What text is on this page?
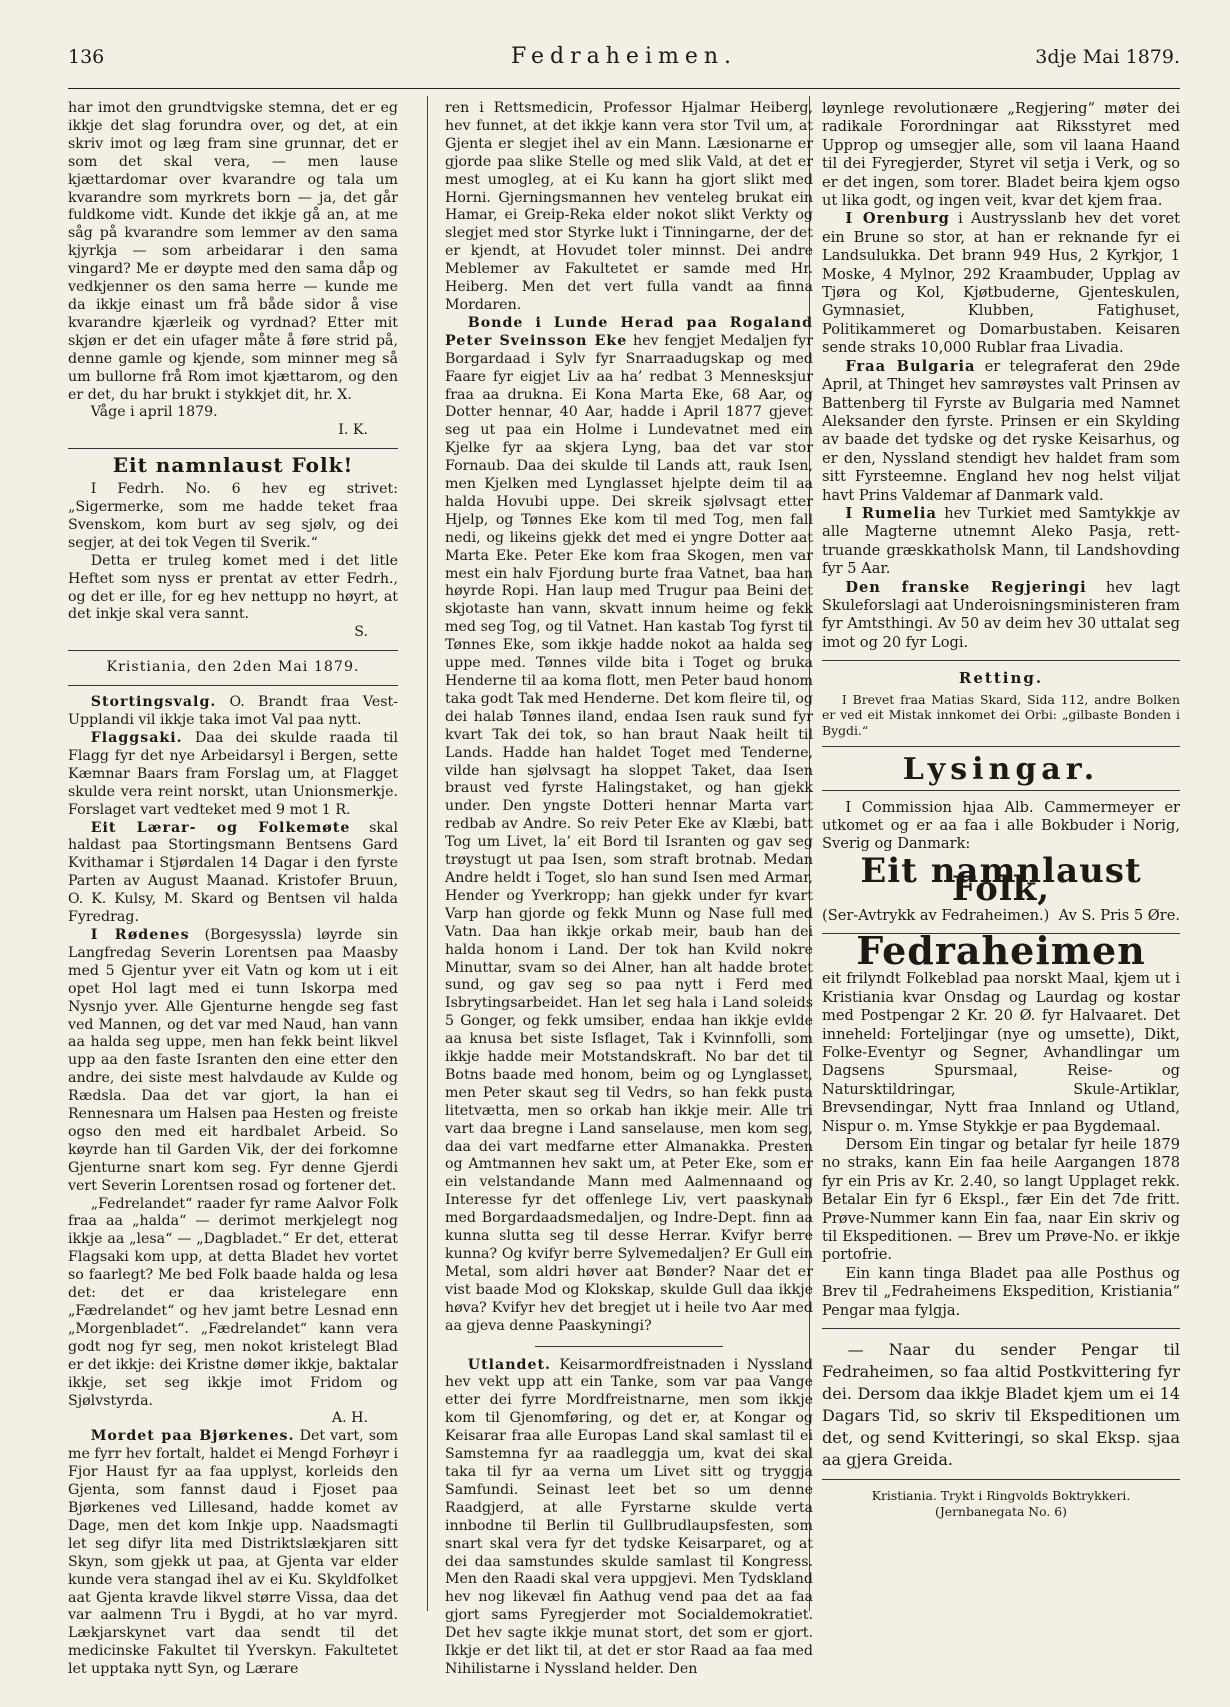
136	Fedraheimen.	3dje Mai 1879.

har imot den grundtvigske stemna, det er eg ikkje det slag forundra over, og det, at ein skriv imot og læg fram sine grunnar, det er som det skal vera, — men lause kjættardomar over kvarandre og tala um kvarandre som myrkrets born — ja, det går fuldkome vidt. Kunde det ikkje gå an, at me såg på kvarandre som lemmer av den sama kjyrkja — som arbeidarar i den sama vingard? Me er døypte med den sama dåp og vedkjenner os den sama herre — kunde me da ikkje einast um frå både sidor å vise kvarandre kjærleik og vyrdnad? Etter mit skjøn er det ein ufager måte å føre strid på, denne gamle og kjende, som minner meg så um bullorne frå Rom imot kjættarom, og den er det, du har brukt i stykkjet dit, hr. X.

Våge i april 1879.

I. K.
Eit namnlaust Folk!

I Fedrh. No. 6 hev eg strivet: „Sigermerke, som me hadde teket fraa Svenskom, kom burt av seg sjølv, og dei segjer, at dei tok Vegen til Sverik.“

Detta er truleg komet med i det litle Heftet som nyss er prentat av etter Fedrh., og det er ille, for eg hev nettupp no høyrt, at det inkje skal vera sannt.

S.
Kristiania, den 2den Mai 1879.

Stortingsvalg. O. Brandt fraa Vest-Upplandi vil ikkje taka imot Val paa nytt.

Flaggsaki. Daa dei skulde raada til Flagg fyr det nye Arbeidarsyl i Bergen, sette Kæmnar Baars fram Forslag um, at Flagget skulde vera reint norskt, utan Unionsmerkje. Forslaget vart vedteket med 9 mot 1 R.

Eit Lærar- og Folkemøte skal haldast paa Stortingsmann Bentsens Gard Kvithamar i Stjørdalen 14 Dagar i den fyrste Parten av August Maanad. Kristofer Bruun, O. K. Kulsy, M. Skard og Bentsen vil halda Fyredrag.

I Rødenes (Borgesyssla) løyrde sin Langfredag Severin Lorentsen paa Maasby med 5 Gjentur yver eit Vatn og kom ut i eit opet Hol lagt med ei tunn Iskorpa med Nysnjo yver. Alle Gjenturne hengde seg fast ved Mannen, og det var med Naud, han vann aa halda seg uppe, men han fekk beint likvel upp aa den faste Isranten den eine etter den andre, dei siste mest halvdaude av Kulde og Rædsla. Daa det var gjort, la han ei Rennesnara um Halsen paa Hesten og freiste ogso den med eit hardbalet Arbeid. So køyrde han til Garden Vik, der dei forkomne Gjenturne snart kom seg. Fyr denne Gjerdi vert Severin Lorentsen rosad og fortener det.

„Fedrelandet“ raader fyr rame Aalvor Folk fraa aa „halda“ — derimot merkjelegt nog ikkje aa „lesa“ — „Dagbladet.“ Er det, etterat Flagsaki kom upp, at detta Bladet hev vortet so faarlegt? Me bed Folk baade halda og lesa det: det er daa kristelegare enn „Fædrelandet“ og hev jamt betre Lesnad enn „Morgenbladet“. „Fædrelandet“ kann vera godt nog fyr seg, men nokot kristelegt Blad er det ikkje: dei Kristne dømer ikkje, baktalar ikkje, set seg ikkje imot Fridom og Sjølvstyrda.

A. H.

Mordet paa Bjørkenes. Det vart, som me fyrr hev fortalt, haldet ei Mengd Forhøyr i Fjor Haust fyr aa faa upplyst, korleids den Gjenta, som fannst daud i Fjoset paa Bjørkenes ved Lillesand, hadde komet av Dage, men det kom Inkje upp. Naadsmagti let seg difyr lita med Distriktslækjaren sitt Skyn, som gjekk ut paa, at Gjenta var elder kunde vera stangad ihel av ei Ku. Skyldfolket aat Gjenta kravde likvel større Vissa, daa det var aalmenn Tru i Bygdi, at ho var myrd. Lækjarskynet vart daa sendt til det medicinske Fakultet til Yverskyn. Fakultetet let upptaka nytt Syn, og Lærare

ren i Rettsmedicin, Professor Hjalmar Heiberg, hev funnet, at det ikkje kann vera stor Tvil um, at Gjenta er slegjet ihel av ein Mann. Læsionarne er gjorde paa slike Stelle og med slik Vald, at det er mest umogleg, at ei Ku kann ha gjort slikt med Horni. Gjerningsmannen hev venteleg brukat ein Hamar, ei Greip-Reka elder nokot slikt Verkty og slegjet med stor Styrke lukt i Tinningarne, der det er kjendt, at Hovudet toler minnst. Dei andre Meblemer av Fakultetet er samde med Hr. Heiberg. Men det vert fulla vandt aa finna Mordaren.

Bonde i Lunde Herad paa Rogaland Peter Sveinsson Eke hev fengjet Medaljen fyr Borgardaad i Sylv fyr Snarraadugskap og med Faare fyr eigjet Liv aa ha’ redbat 3 Mennesksjur fraa aa drukna. Ei Kona Marta Eke, 68 Aar, og Dotter hennar, 40 Aar, hadde i April 1877 gjevet seg ut paa ein Holme i Lundevatnet med ein Kjelke fyr aa skjera Lyng, baa det var stor Fornaub. Daa dei skulde til Lands att, rauk Isen, men Kjelken med Lynglasset hjelpte deim til aa halda Hovubi uppe. Dei skreik sjølvsagt etter Hjelp, og Tønnes Eke kom til med Tog, men fall nedi, og likeins gjekk det med ei yngre Dotter aat Marta Eke. Peter Eke kom fraa Skogen, men var mest ein halv Fjordung burte fraa Vatnet, baa han høyrde Ropi. Han laup med Trugur paa Beini det skjotaste han vann, skvatt innum heime og fekk med seg Tog, og til Vatnet. Han kastab Tog fyrst til Tønnes Eke, som ikkje hadde nokot aa halda seg uppe med. Tønnes vilde bita i Toget og bruka Henderne til aa koma flott, men Peter baud honom taka godt Tak med Henderne. Det kom fleire til, og dei halab Tønnes iland, endaa Isen rauk sund fyr kvart Tak dei tok, so han braut Naak heilt til Lands. Hadde han haldet Toget med Tenderne, vilde han sjølvsagt ha sloppet Taket, daa Isen braust ved fyrste Halingstaket, og han gjekk under. Den yngste Dotteri hennar Marta vart redbab av Andre. So reiv Peter Eke av Klæbi, batt Tog um Livet, la’ eit Bord til Isranten og gav seg trøystugt ut paa Isen, som straft brotnab. Medan Andre heldt i Toget, slo han sund Isen med Armar, Hender og Yverkropp; han gjekk under fyr kvart Varp han gjorde og fekk Munn og Nase full med Vatn. Daa han ikkje orkab meir, baub han dei halda honom i Land. Der tok han Kvild nokre Minuttar, svam so dei Alner, han alt hadde brotet sund, og gav seg so paa nytt i Ferd med Isbrytingsarbeidet. Han let seg hala i Land soleids 5 Gonger, og fekk umsiber, endaa han ikkje evlde aa knusa bet siste Isflaget, Tak i Kvinnfolli, som ikkje hadde meir Motstandskraft. No bar det til Botns baade med honom, beim og og Lynglasset, men Peter skaut seg til Vedrs, so han fekk pusta litetvætta, men so orkab han ikkje meir. Alle tri vart daa bregne i Land sanselause, men kom seg, daa dei vart medfarne etter Almanakka. Presten og Amtmannen hev sakt um, at Peter Eke, som er ein velstandande Mann med Aalmennaand og Interesse fyr det offenlege Liv, vert paaskynab med Borgardaadsmedaljen, og Indre-Dept. finn aa kunna slutta seg til desse Herrar. Kvifyr berre kunna? Og kvifyr berre Sylvemedaljen? Er Gull ein Metal, som aldri høver aat Bønder? Naar det er vist baade Mod og Klokskap, skulde Gull daa ikkje høva? Kvifyr hev det bregjet ut i heile tvo Aar med aa gjeva denne Paaskyningi?

Utlandet. Keisarmordfreistnaden i Nyssland hev vekt upp att ein Tanke, som var paa Vange etter dei fyrre Mordfreistnarne, men som ikkje kom til Gjenomføring, og det er, at Kongar og Keisarar fraa alle Europas Land skal samlast til ei Samstemna fyr aa raadleggja um, kvat dei skal taka til fyr aa verna um Livet sitt og tryggja Samfundi. Seinast leet bet so um denne Raadgjerd, at alle Fyrstarne skulde verta innbodne til Berlin til Gullbrudlaupsfesten, som snart skal vera fyr det tydske Keisarparet, og at dei daa samstundes skulde samlast til Kongress. Men den Raadi skal vera uppgjevi. Men Tydskland hev nog likevæl fin Aathug vend paa det aa faa gjort sams Fyregjerder mot Socialdemokratiet. Det hev sagte ikkje munat stort, det som er gjort. Ikkje er det likt til, at det er stor Raad aa faa med Nihilistarne i Nyssland helder. Den

løynlege revolutionære „Regjering“ møter dei radikale Forordningar aat Riksstyret med Upprop og umsegjer alle, som vil laana Haand til dei Fyregjerder, Styret vil setja i Verk, og so er det ingen, som torer. Bladet beira kjem ogso ut lika godt, og ingen veit, kvar det kjem fraa.

I Orenburg i Austrysslanb hev det voret ein Brune so stor, at han er reknande fyr ei Landsulukka. Det brann 949 Hus, 2 Kyrkjor, 1 Moske, 4 Mylnor, 292 Kraambuder, Upplag av Tjøra og Kol, Kjøtbuderne, Gjenteskulen, Gymnasiet, Klubben, Fatighuset, Politikammeret og Domarbustaben. Keisaren sende straks 10,000 Rublar fraa Livadia.

Fraa Bulgaria er telegraferat den 29de April, at Thinget hev samrøystes valt Prinsen av Battenberg til Fyrste av Bulgaria med Namnet Aleksander den fyrste. Prinsen er ein Skylding av baade det tydske og det ryske Keisarhus, og er den, Nyssland stendigt hev haldet fram som sitt Fyrsteemne. England hev nog helst viljat havt Prins Valdemar af Danmark vald.

I Rumelia hev Turkiet med Samtykkje av alle Magterne utnemnt Aleko Pasja, rett-truande græskkatholsk Mann, til Landshovding fyr 5 Aar.

Den franske Regjeringi hev lagt Skuleforslagi aat Underoisningsministeren fram fyr Amtsthingi. Av 50 av deim hev 30 uttalat seg imot og 20 fyr Logi.

Retting.

I Brevet fraa Matias Skard, Sida 112, andre Bolken er ved eit Mistak innkomet dei Orbi: „gilbaste Bonden i Bygdi.“

Lysingar.

I Commission hjaa Alb. Cammermeyer er utkomet og er aa faa i alle Bokbuder i Norig, Sverig og Danmark:

Eit namnlaust Folk,
(Ser-Avtrykk av Fedraheimen.) Av S. Pris 5 Øre.
Fedraheimen

eit frilyndt Folkeblad paa norskt Maal, kjem ut i Kristiania kvar Onsdag og Laurdag og kostar med Postpengar 2 Kr. 20 Ø. fyr Halvaaret. Det inneheld: Forteljingar (nye og umsette), Dikt, Folke-Eventyr og Segner, Avhandlingar um Dagsens Spursmaal, Reise- og Natursktildringar, Skule-Artiklar, Brevsendingar, Nytt fraa Innland og Utland, Nispur o. m. Ymse Stykkje er paa Bygdemaal.

Dersom Ein tingar og betalar fyr heile 1879 no straks, kann Ein faa heile Aargangen 1878 fyr ein Pris av Kr. 2.40, so langt Upplaget rekk. Betalar Ein fyr 6 Ekspl., fær Ein det 7de fritt. Prøve-Nummer kann Ein faa, naar Ein skriv og til Ekspeditionen. — Brev um Prøve-No. er ikkje portofrie.

Ein kann tinga Bladet paa alle Posthus og Brev til „Fedraheimens Ekspedition, Kristiania“ Pengar maa fylgja.

— Naar du sender Pengar til Fedraheimen, so faa altid Postkvittering fyr dei. Dersom daa ikkje Bladet kjem um ei 14 Dagars Tid, so skriv til Ekspeditionen um det, og send Kvitteringi, so skal Eksp. sjaa aa gjera Greida.

Kristiania. Trykt i Ringvolds Boktrykkeri.
(Jernbanegata No. 6)
